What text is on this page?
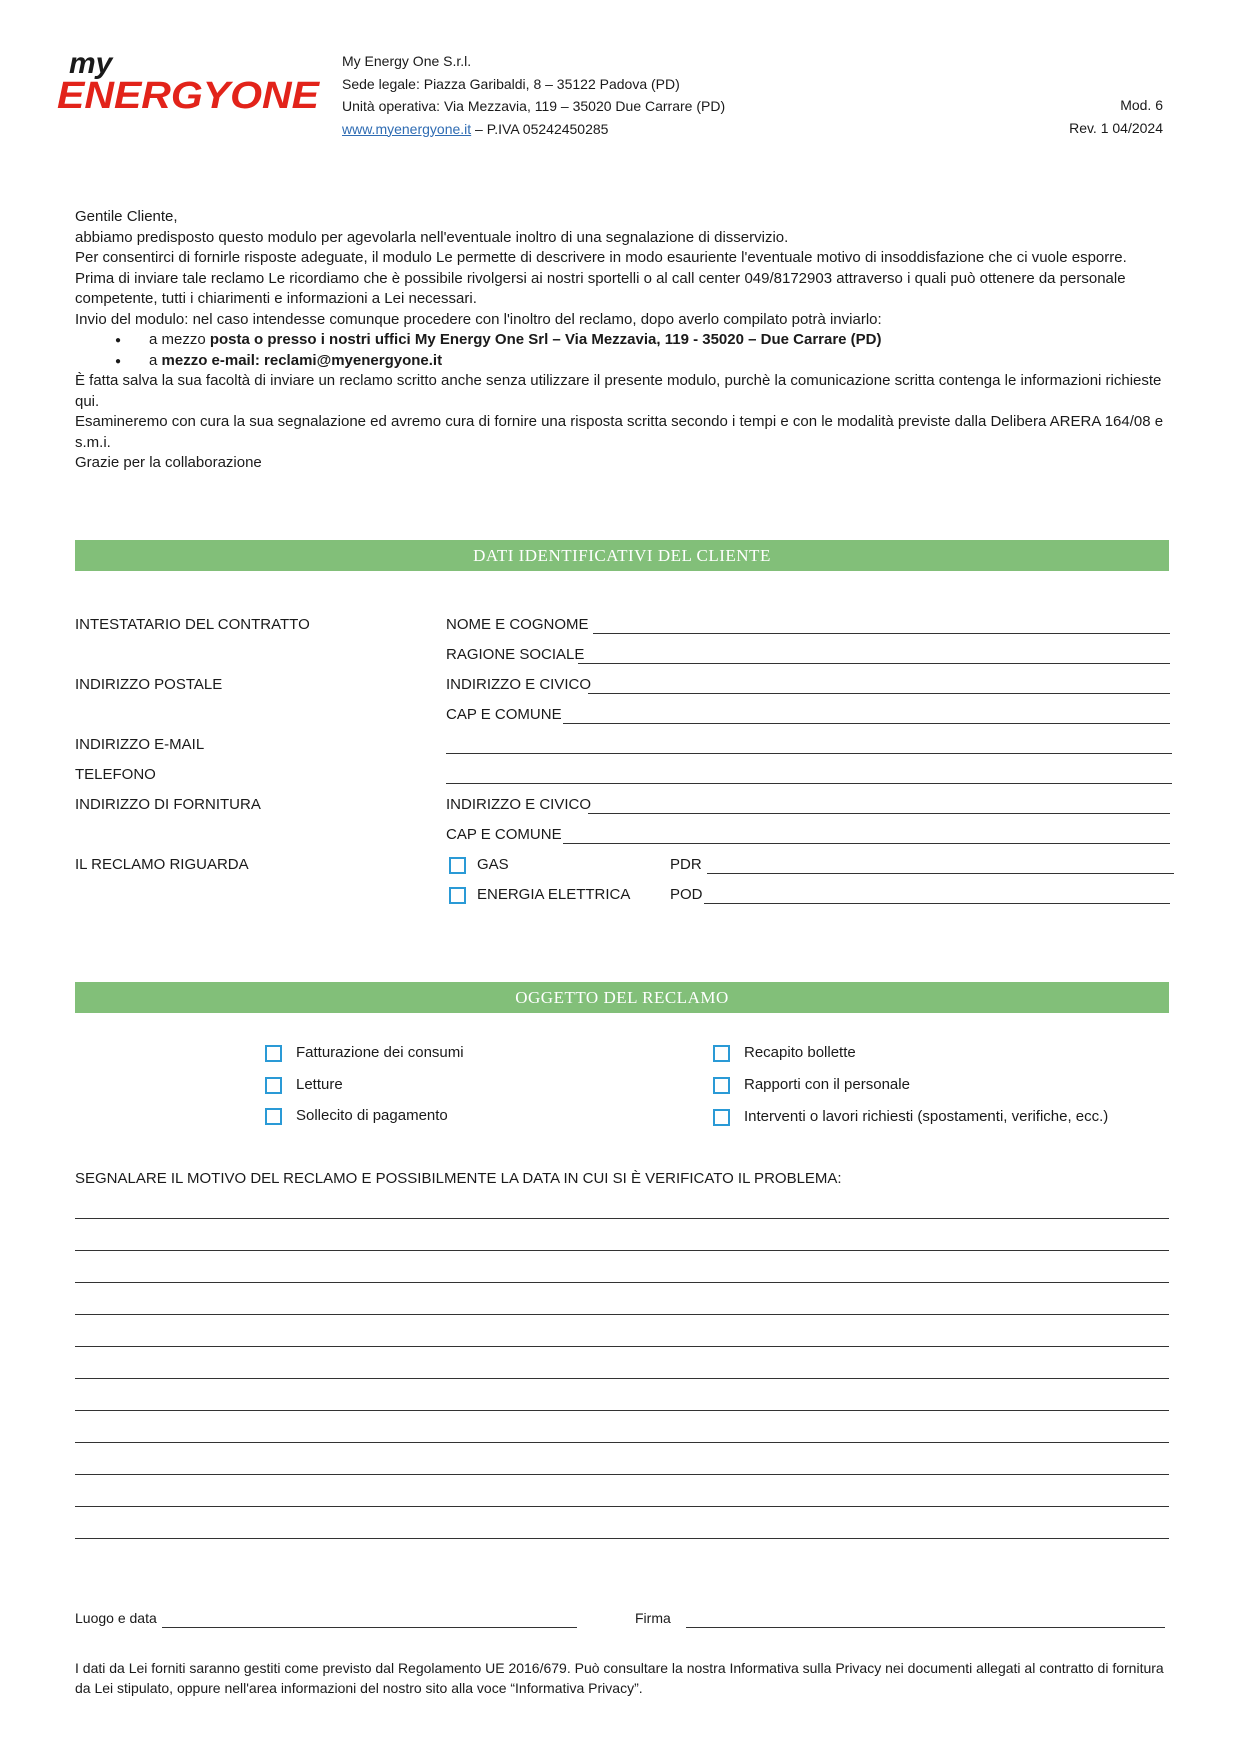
my
ENERGYONE
My Energy One S.r.l.
Sede legale: Piazza Garibaldi, 8 – 35122 Padova (PD)
Unità operativa: Via Mezzavia, 119 – 35020 Due Carrare (PD)
www.myenergyone.it – P.IVA 05242450285
Mod. 6
Rev. 1 04/2024

Gentile Cliente,

abbiamo predisposto questo modulo per agevolarla nell'eventuale inoltro di una segnalazione di disservizio.

Per consentirci di fornirle risposte adeguate, il modulo Le permette di descrivere in modo esauriente l'eventuale motivo di insoddisfazione che ci vuole esporre.

Prima di inviare tale reclamo Le ricordiamo che è possibile rivolgersi ai nostri sportelli o al call center 049/8172903 attraverso i quali può ottenere da personale competente, tutti i chiarimenti e informazioni a Lei necessari.

Invio del modulo: nel caso intendesse comunque procedere con l'inoltro del reclamo, dopo averlo compilato potrà inviarlo:

● a mezzo posta o presso i nostri uffici My Energy One Srl – Via Mezzavia, 119 - 35020 – Due Carrare (PD)
● a mezzo e-mail: reclami@myenergyone.it

È fatta salva la sua facoltà di inviare un reclamo scritto anche senza utilizzare il presente modulo, purchè la comunicazione scritta contenga le informazioni richieste qui.

Esamineremo con cura la sua segnalazione ed avremo cura di fornire una risposta scritta secondo i tempi e con le modalità previste dalla Delibera ARERA 164/08 e s.m.i.

Grazie per la collaborazione

DATI IDENTIFICATIVI DEL CLIENTE
INTESTATARIO DEL CONTRATTO	NOME E COGNOME
RAGIONE SOCIALE
INDIRIZZO POSTALE	INDIRIZZO E CIVICO
CAP E COMUNE
INDIRIZZO E-MAIL
TELEFONO
INDIRIZZO DI FORNITURA	INDIRIZZO E CIVICO
CAP E COMUNE
IL RECLAMO RIGUARDA	GAS	PDR
ENERGIA ELETTRICA	POD
OGGETTO DEL RECLAMO
Fatturazione dei consumi
Letture
Sollecito di pagamento
Recapito bollette
Rapporti con il personale
Interventi o lavori richiesti (spostamenti, verifiche, ecc.)
SEGNALARE IL MOTIVO DEL RECLAMO E POSSIBILMENTE LA DATA IN CUI SI È VERIFICATO IL PROBLEMA:
Luogo e data	Firma
I dati da Lei forniti saranno gestiti come previsto dal Regolamento UE 2016/679. Può consultare la nostra Informativa sulla Privacy nei documenti allegati al contratto di fornitura da Lei stipulato, oppure nell'area informazioni del nostro sito alla voce “Informativa Privacy”.
